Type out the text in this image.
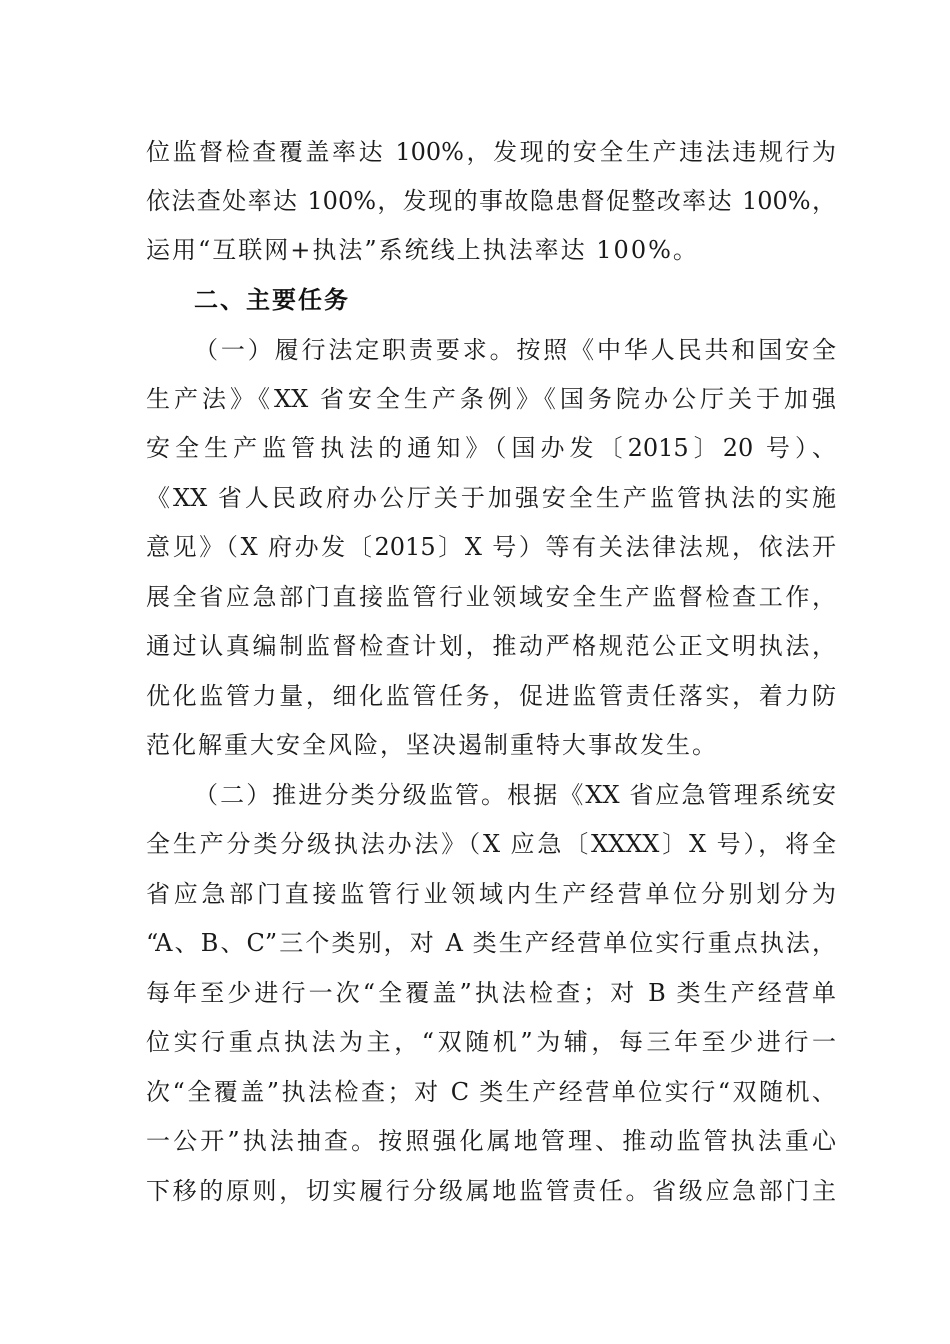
位监督检查覆盖率达 100%，发现的安全生产违法违规行为
依法查处率达 100%，发现的事故隐患督促整改率达 100%，
运用“互联网+执法”系统线上执法率达 100%。
二、主要任务
（一）履行法定职责要求。按照《中华人民共和国安全
生产法》《XX 省安全生产条例》《国务院办公厅关于加强
安全生产监管执法的通知》（国办发〔2015〕20 号）、
《XX 省人民政府办公厅关于加强安全生产监管执法的实施
意见》（X 府办发〔2015〕X 号）等有关法律法规，依法开
展全省应急部门直接监管行业领域安全生产监督检查工作，
通过认真编制监督检查计划，推动严格规范公正文明执法，
优化监管力量，细化监管任务，促进监管责任落实，着力防
范化解重大安全风险，坚决遏制重特大事故发生。
（二）推进分类分级监管。根据《XX 省应急管理系统安
全生产分类分级执法办法》（X 应急〔XXXX〕X 号），将全
省应急部门直接监管行业领域内生产经营单位分别划分为
“A、B、C”三个类别，对 A 类生产经营单位实行重点执法，
每年至少进行一次“全覆盖”执法检查；对 B 类生产经营单
位实行重点执法为主，“双随机”为辅，每三年至少进行一
次“全覆盖”执法检查；对 C 类生产经营单位实行“双随机、
一公开”执法抽查。按照强化属地管理、推动监管执法重心
下移的原则，切实履行分级属地监管责任。省级应急部门主
